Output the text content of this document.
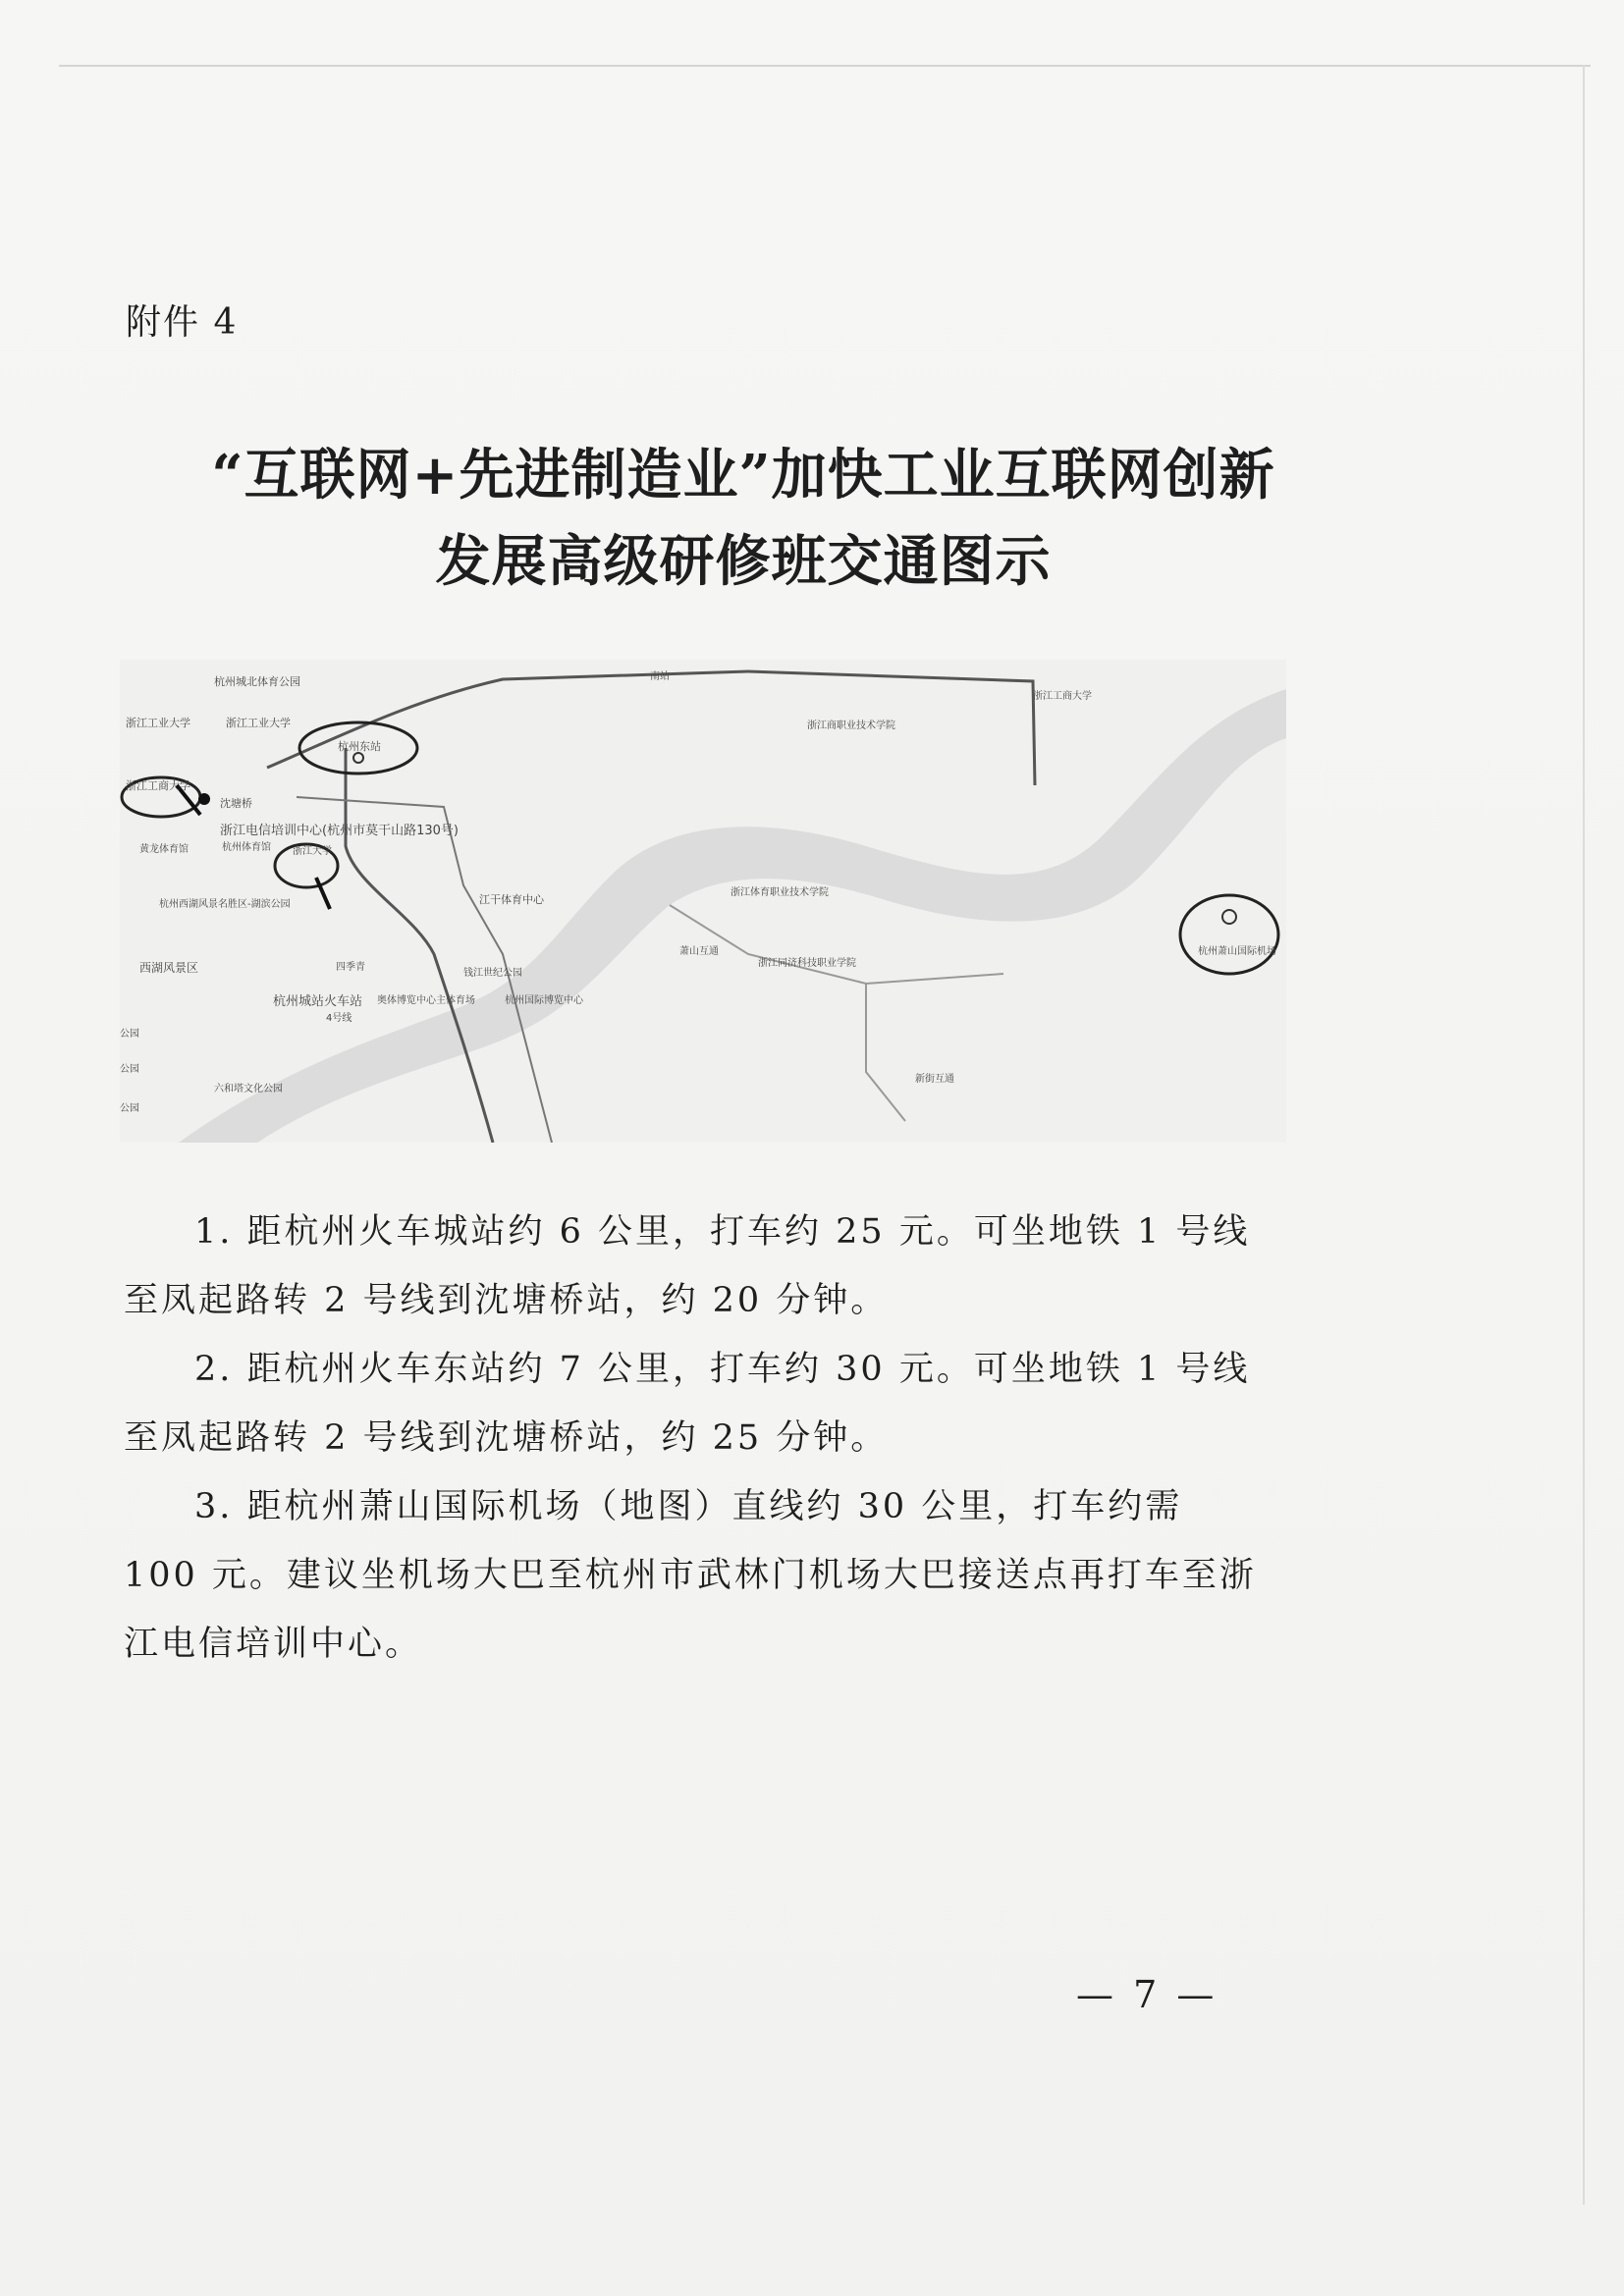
附件 4
“互联网+先进制造业”加快工业互联网创新
发展高级研修班交通图示
杭州城北体育公园
浙江工业大学	浙江工业大学
浙江工商大学
杭州东站
沈塘桥
浙江电信培训中心(杭州市莫干山路130号)
杭州体育馆 浙江大学
黄龙体育馆
杭州西湖风景名胜区-湖滨公园
西湖风景区
江干体育中心
钱江世纪公园
杭州城站火车站 奥体博览中心主体育场	杭州国际博览中心
浙江商职业技术学院
浙江工商大学
浙江体育职业技术学院
萧山互通
浙江同济科技职业学院
杭州萧山国际机场
新街互通
六和塔文化公园
南站
四季青
4号线
公园
公园
公园

1. 距杭州火车城站约 6 公里，打车约 25 元。可坐地铁 1 号线至凤起路转 2 号线到沈塘桥站，约 20 分钟。

2. 距杭州火车东站约 7 公里，打车约 30 元。可坐地铁 1 号线至凤起路转 2 号线到沈塘桥站，约 25 分钟。

3. 距杭州萧山国际机场（地图）直线约 30 公里，打车约需 100 元。建议坐机场大巴至杭州市武林门机场大巴接送点再打车至浙江电信培训中心。

— 7 —
